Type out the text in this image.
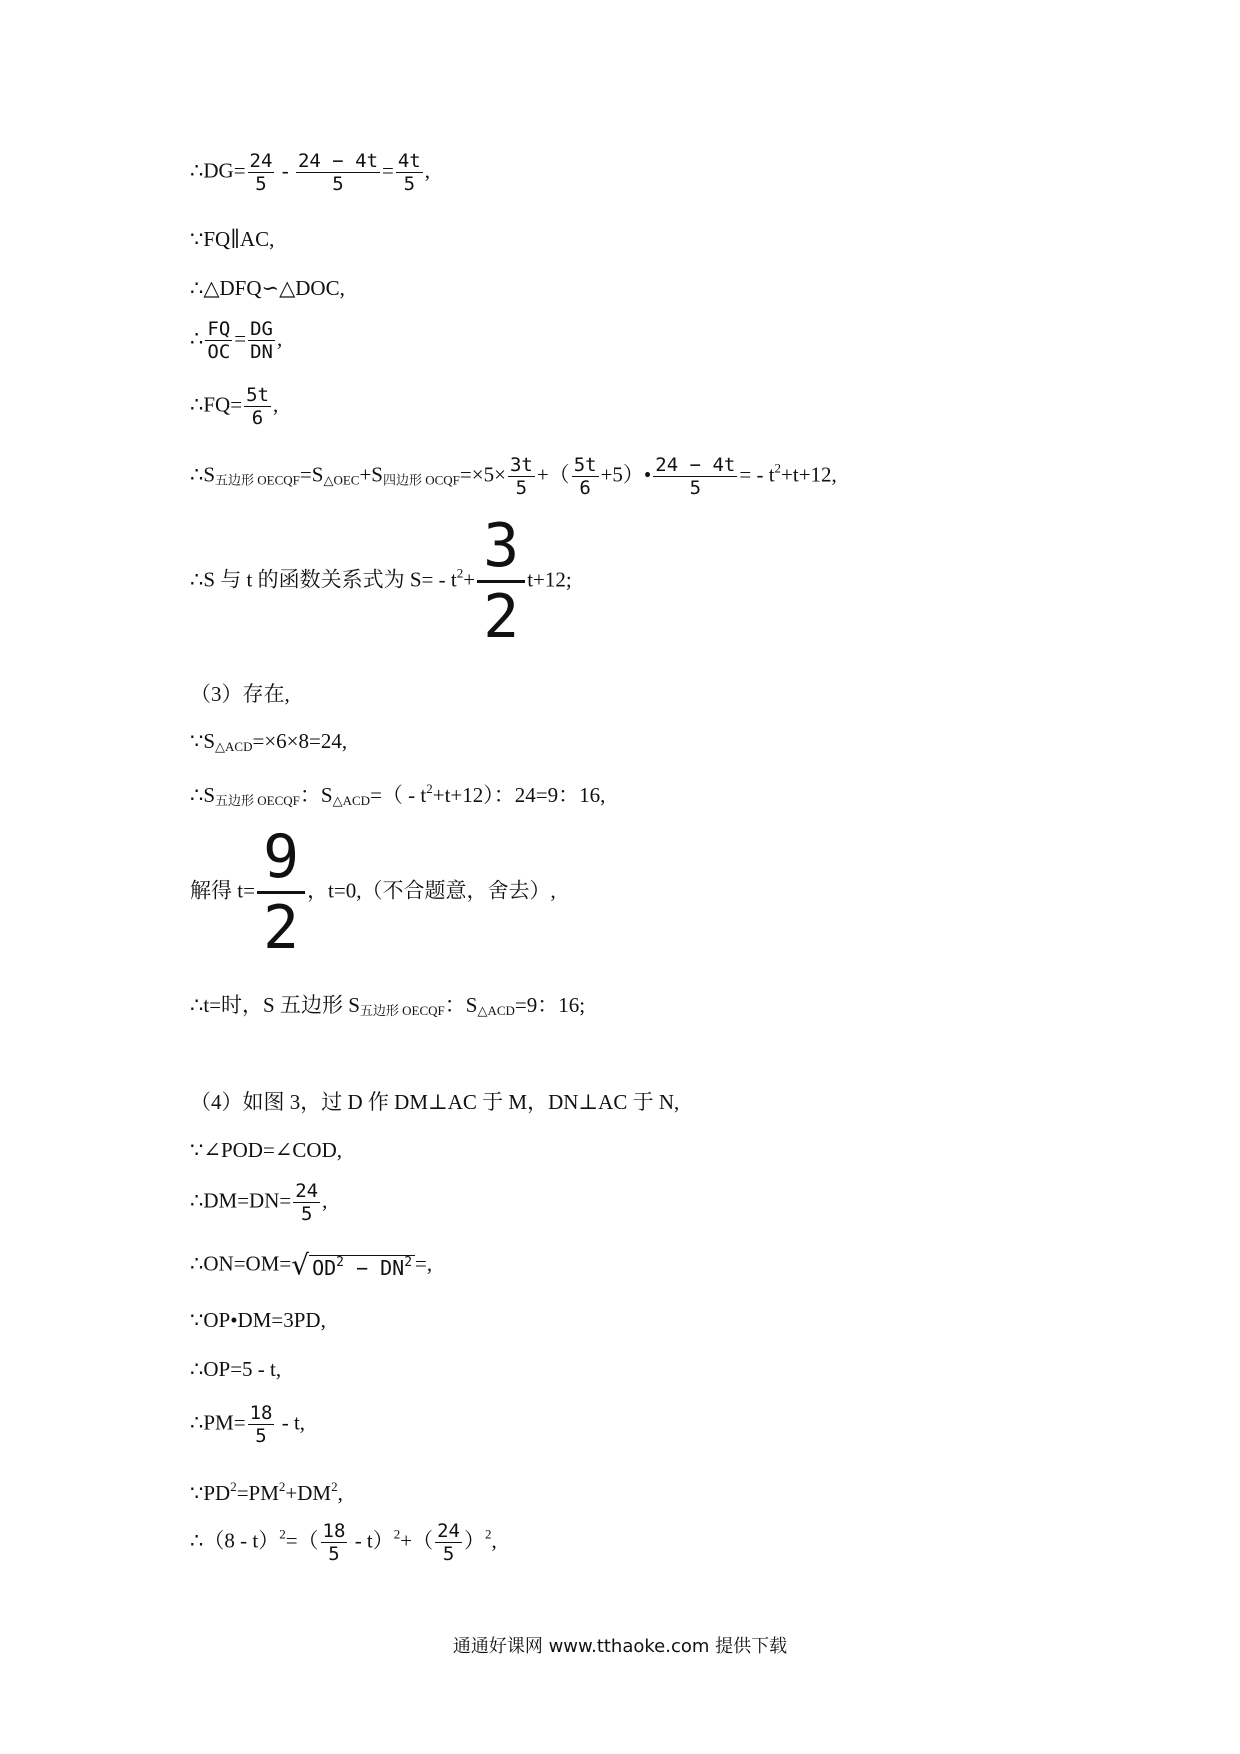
∴DG= $\frac{24}{5} - \frac{24 - 4t}{5} = \frac{4t}{5}$ ,
∵FQ∥AC,
∴△DFQ∽△DOC,
∴ $\frac{FQ}{OC} = \frac{DG}{DN}$ ,
∴FQ= $\frac{5t}{6}$ ,
$\therefore S_{五边形 OECQF}=S_{\triangle OEC}+S_{四边形 OCQF}=\times 5\times \frac{3t}{5}$ +（ $\frac{5t}{6}$ +5）• $\frac{24 - 4t}{5}$ = - $t^2+t+12$,
∴S 与 t 的函数关系式为 $S= - t^2+ \frac{3}{2} t+12$;
（3）存在,
$\because S_{\triangle ACD}=\times 6\times 8=24$,
$\therefore S_{五边形 OECQF}$：$S_{\triangle ACD}=( - t^2+t+12)$：24=9：16,
解得 $t= \frac{9}{2}$ ，t=0,（不合题意，舍去）,
∴t=时，S 五边形 $S_{五边形 OECQF}$：$S_{\triangle ACD}=9$：16;
（4）如图 3，过 D 作 DM⊥AC 于 M，DN⊥AC 于 N,
∵∠POD=∠COD,
∴DM=DN= $\frac{24}{5}$ ,
∴ON=OM=√ $OD^2 - DN^2$ =,
∵OP•DM=3PD,
∴OP=5 - t,
∴PM= $\frac{18}{5}$ - t,
$\because PD^2=PM^2+DM^2$,
∴（8 - $t)^2=( \frac{18}{5} - t)^2+( \frac{24}{5} )^2$,
通通好课网 www.tthaoke.com 提供下载
